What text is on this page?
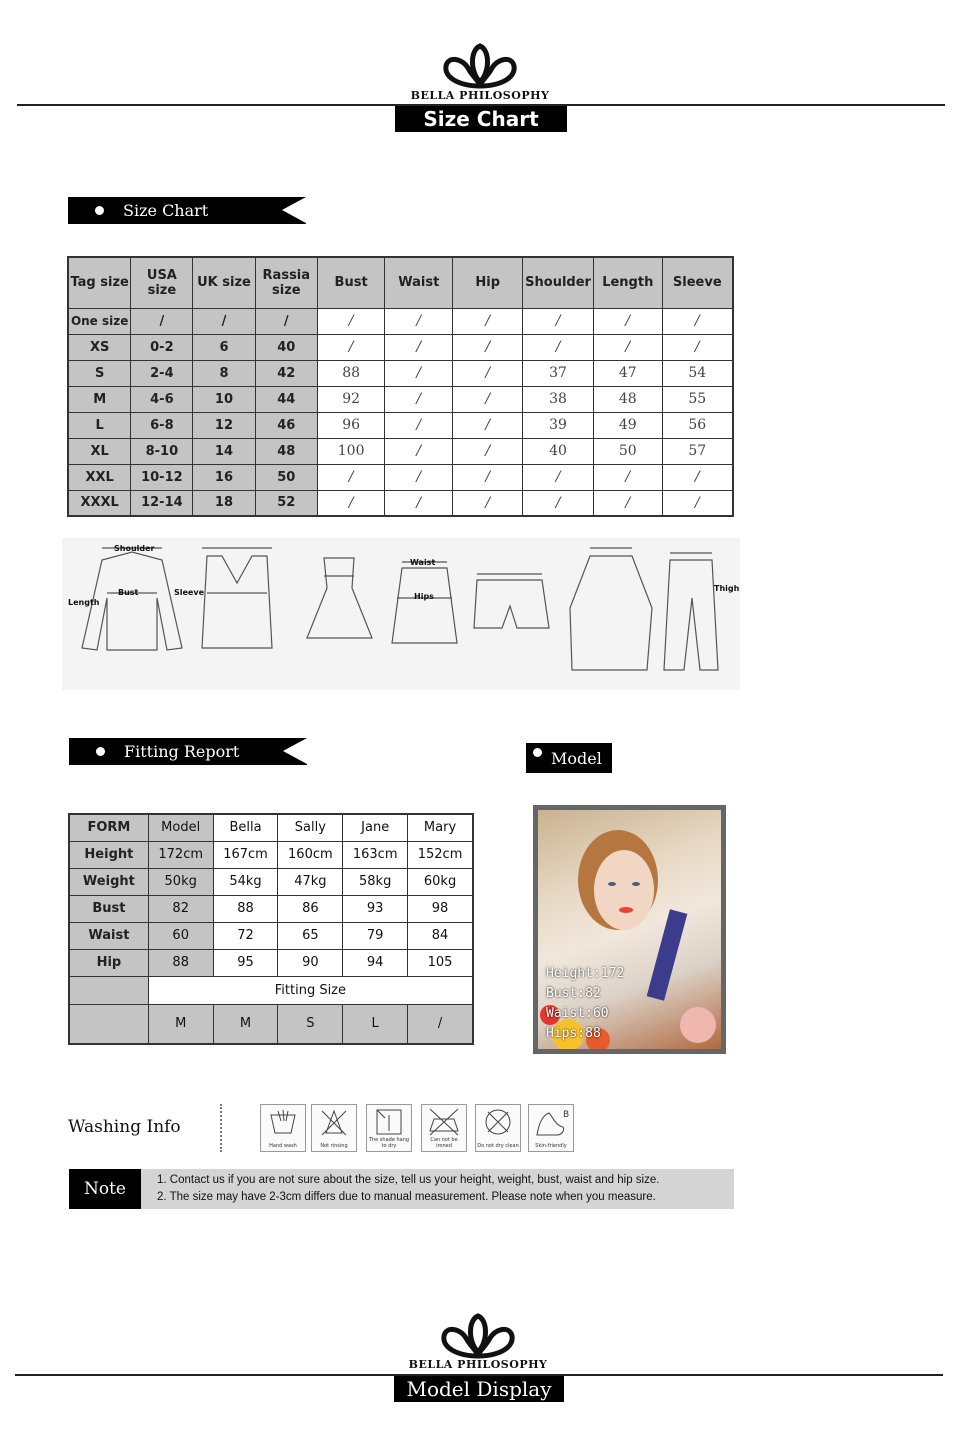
BELLA PHILOSOPHY
Size Chart
Size Chart
Tag size	USA size	UK size	Rassia size	Bust	Waist	Hip	Shoulder	Length	Sleeve
One size	/	/	/	/	/	/	/	/	/
XS	0-2	6	40	/	/	/	/	/	/
S	2-4	8	42	88	/	/	37	47	54
M	4-6	10	44	92	/	/	38	48	55
L	6-8	12	46	96	/	/	39	49	56
XL	8-10	14	48	100	/	/	40	50	57
XXL	10-12	16	50	/	/	/	/	/	/
XXXL	12-14	18	52	/	/	/	/	/	/
Shoulder
Bust	Sleeve
Length
Waist
Hips
Thigh
Fitting Report	Model
FORM	Model	Bella	Sally	Jane	Mary
Height	172cm	167cm	160cm	163cm	152cm
Weight	50kg	54kg	47kg	58kg	60kg
Bust	82	88	86	93	98
Waist	60	72	65	79	84
Hip	88	95	90	94	105
	Fitting Size				
	M	M	S	L	/
Height:172
Bust:82
Waist:60
Hips:88
Washing Info
Hand wash	Not rinsing
The shade hang to dry
Can not be ironed	Do not dry clean
B
Skin-friendly
Note	1. Contact us if you are not sure about the size, tell us your height, weight, bust, waist and hip size.
2. The size may have 2-3cm differs due to manual measurement. Please note when you measure.
BELLA PHILOSOPHY
Model Display
